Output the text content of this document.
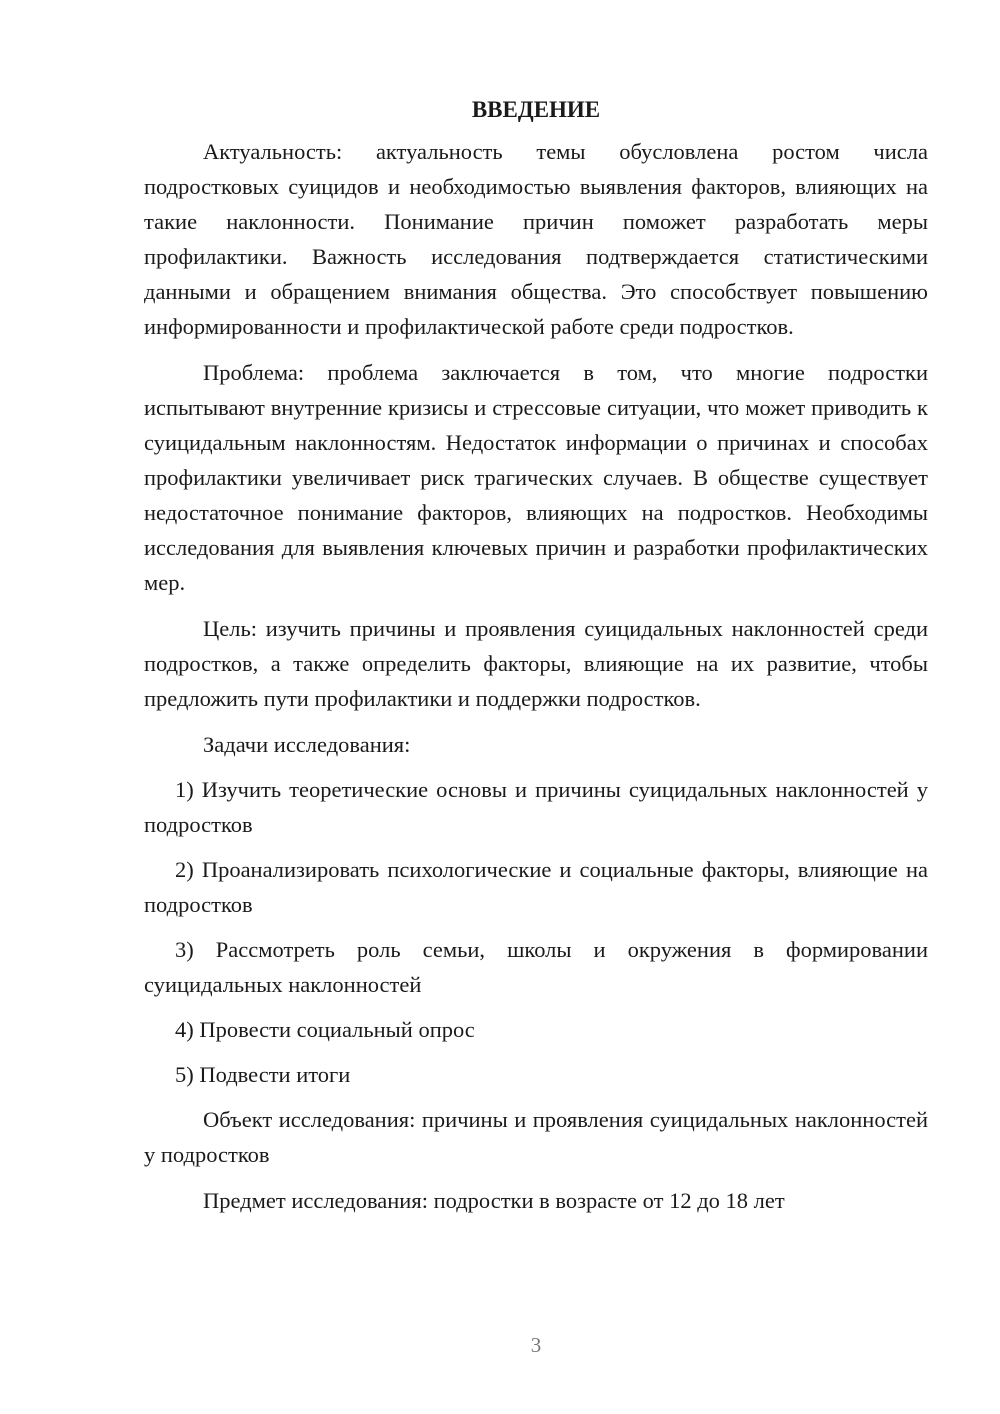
ВВЕДЕНИЕ

Актуальность: актуальность темы обусловлена ростом числа подростковых суицидов и необходимостью выявления факторов, влияющих на такие наклонности. Понимание причин поможет разработать меры профилактики. Важность исследования подтверждается статистическими данными и обращением внимания общества. Это способствует повышению информированности и профилактической работе среди подростков.

Проблема: проблема заключается в том, что многие подростки испытывают внутренние кризисы и стрессовые ситуации, что может приводить к суицидальным наклонностям. Недостаток информации о причинах и способах профилактики увеличивает риск трагических случаев. В обществе существует недостаточное понимание факторов, влияющих на подростков. Необходимы исследования для выявления ключевых причин и разработки профилактических мер.

Цель: изучить причины и проявления суицидальных наклонностей среди подростков, а также определить факторы, влияющие на их развитие, чтобы предложить пути профилактики и поддержки подростков.

Задачи исследования:

1) Изучить теоретические основы и причины суицидальных наклонностей у подростков

2) Проанализировать психологические и социальные факторы, влияющие на подростков

3) Рассмотреть роль семьи, школы и окружения в формировании суицидальных наклонностей

4) Провести социальный опрос

5) Подвести итоги

Объект исследования: причины и проявления суицидальных наклонностей у подростков

Предмет исследования: подростки в возрасте от 12 до 18 лет

3
